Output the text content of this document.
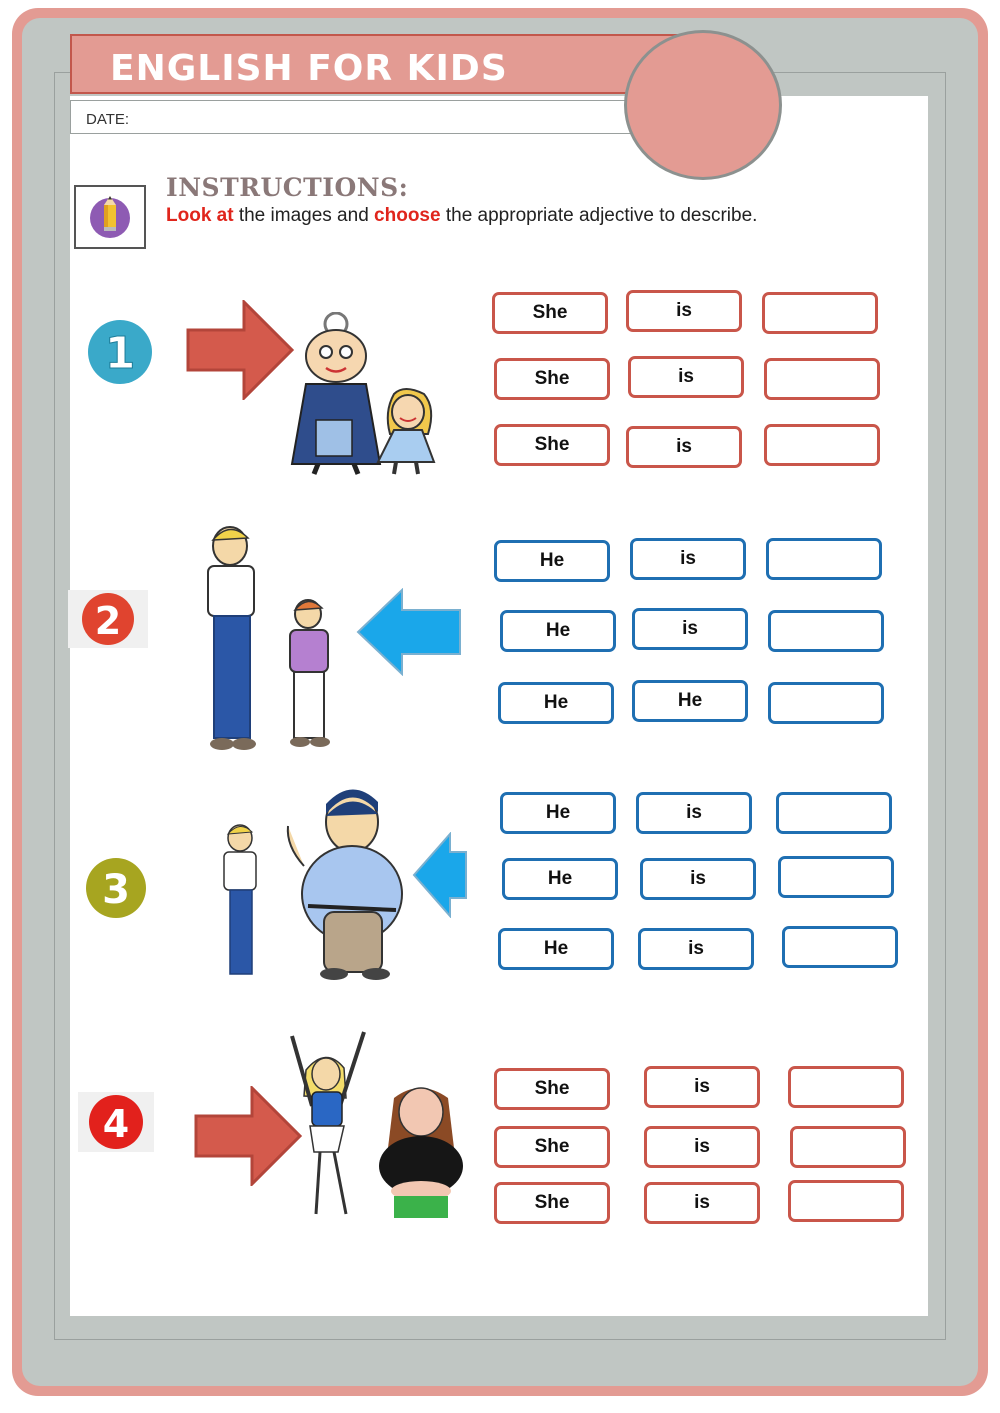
ENGLISH FOR KIDS
DATE:
INSTRUCTIONS:
Look at the images and choose the appropriate adjective to describe.
1
2
3
4
She	is
She	is
She	is
He	is
He	is
He	He
He	is
He	is
He	is
She	is
She	is
She	is
